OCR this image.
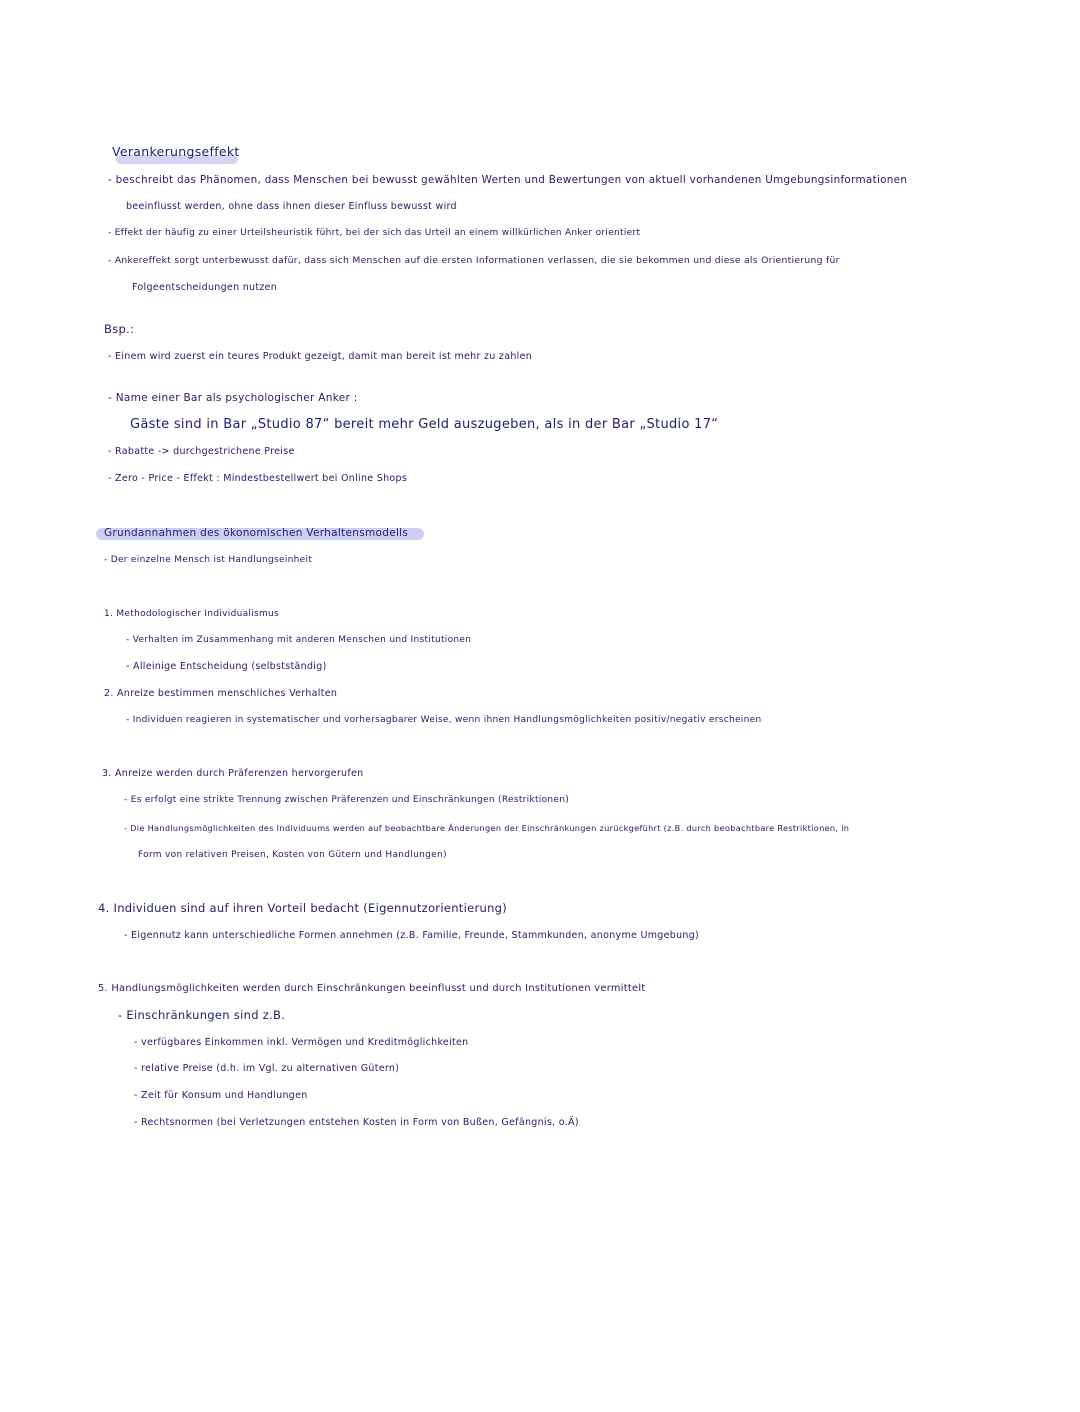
Verankerungseffekt
- beschreibt das Phänomen, dass Menschen bei bewusst gewählten Werten und Bewertungen von aktuell vorhandenen Umgebungsinformationen
beeinflusst werden, ohne dass ihnen dieser Einfluss bewusst wird
- Effekt der häufig zu einer Urteilsheuristik führt, bei der sich das Urteil an einem willkürlichen Anker orientiert
- Ankereffekt sorgt unterbewusst dafür, dass sich Menschen auf die ersten Informationen verlassen, die sie bekommen und diese als Orientierung für
Folgeentscheidungen nutzen
Bsp.:
- Einem wird zuerst ein teures Produkt gezeigt, damit man bereit ist mehr zu zahlen
- Name einer Bar als psychologischer Anker :
Gäste sind in Bar „Studio 87“ bereit mehr Geld auszugeben, als in der Bar „Studio 17“
- Rabatte -> durchgestrichene Preise
- Zero - Price - Effekt : Mindestbestellwert bei Online Shops
Grundannahmen des ökonomischen Verhaltensmodells
- Der einzelne Mensch ist Handlungseinheit
1. Methodologischer Individualismus
- Verhalten im Zusammenhang mit anderen Menschen und Institutionen
- Alleinige Entscheidung (selbstständig)
2. Anreize bestimmen menschliches Verhalten
- Individuen reagieren in systematischer und vorhersagbarer Weise, wenn ihnen Handlungsmöglichkeiten positiv/negativ erscheinen
3. Anreize werden durch Präferenzen hervorgerufen
- Es erfolgt eine strikte Trennung zwischen Präferenzen und Einschränkungen (Restriktionen)
- Die Handlungsmöglichkeiten des Individuums werden auf beobachtbare Änderungen der Einschränkungen zurückgeführt (z.B. durch beobachtbare Restriktionen, in
Form von relativen Preisen, Kosten von Gütern und Handlungen)
4. Individuen sind auf ihren Vorteil bedacht (Eigennutzorientierung)
- Eigennutz kann unterschiedliche Formen annehmen (z.B. Familie, Freunde, Stammkunden, anonyme Umgebung)
5. Handlungsmöglichkeiten werden durch Einschränkungen beeinflusst und durch Institutionen vermittelt
- Einschränkungen sind z.B.
- verfügbares Einkommen inkl. Vermögen und Kreditmöglichkeiten
- relative Preise (d.h. im Vgl. zu alternativen Gütern)
- Zeit für Konsum und Handlungen
- Rechtsnormen (bei Verletzungen entstehen Kosten in Form von Bußen, Gefängnis, o.Ä)
